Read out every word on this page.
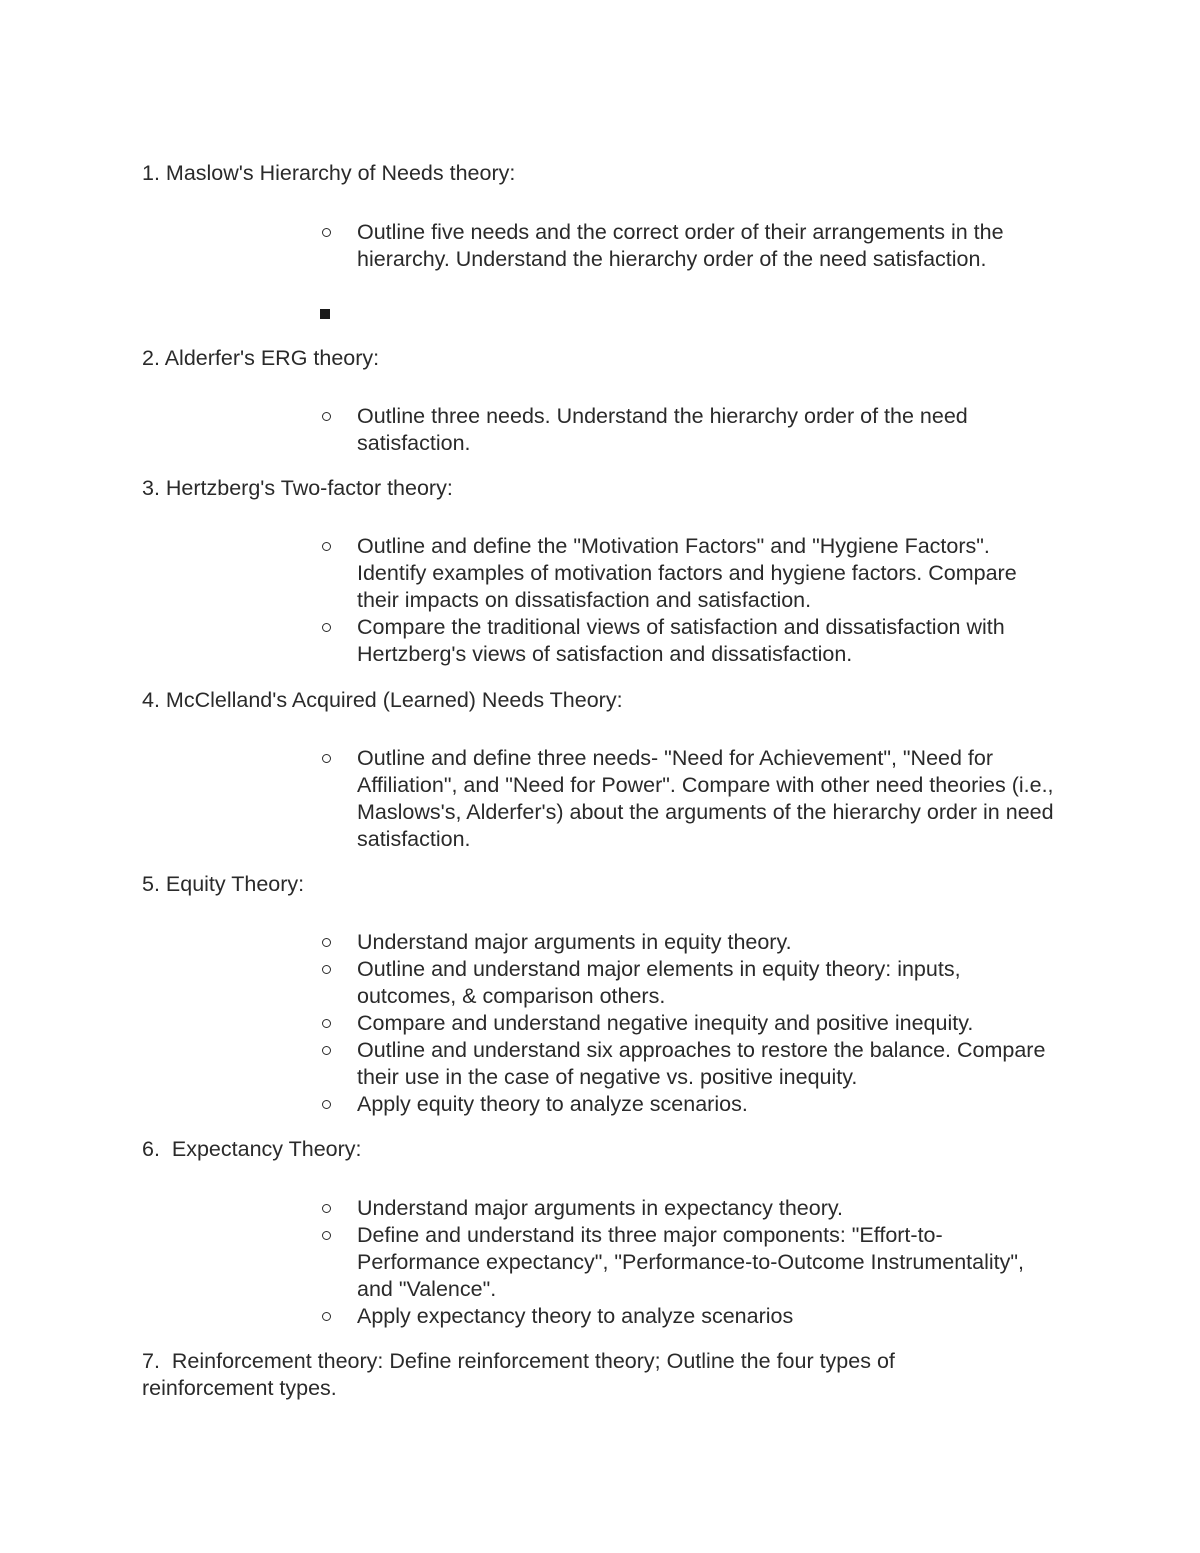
1. Maslow's Hierarchy of Needs theory:

Outline five needs and the correct order of their arrangements in the hierarchy. Understand the hierarchy order of the need satisfaction.

2. Alderfer's ERG theory:

Outline three needs. Understand the hierarchy order of the need satisfaction.

3. Hertzberg's Two-factor theory:

Outline and define the "Motivation Factors" and "Hygiene Factors". Identify examples of motivation factors and hygiene factors. Compare their impacts on dissatisfaction and satisfaction.
Compare the traditional views of satisfaction and dissatisfaction with Hertzberg's views of satisfaction and dissatisfaction.

4. McClelland's Acquired (Learned) Needs Theory:

Outline and define three needs- "Need for Achievement", "Need for Affiliation", and "Need for Power". Compare with other need theories (i.e., Maslows's, Alderfer's) about the arguments of the hierarchy order in need satisfaction.

5. Equity Theory:

Understand major arguments in equity theory.
Outline and understand major elements in equity theory: inputs, outcomes, & comparison others.
Compare and understand negative inequity and positive inequity.
Outline and understand six approaches to restore the balance. Compare their use in the case of negative vs. positive inequity.
Apply equity theory to analyze scenarios.

6.  Expectancy Theory:

Understand major arguments in expectancy theory.
Define and understand its three major components: "Effort-to-Performance expectancy", "Performance-to-Outcome Instrumentality", and "Valence".
Apply expectancy theory to analyze scenarios

7.  Reinforcement theory: Define reinforcement theory; Outline the four types of reinforcement types.
